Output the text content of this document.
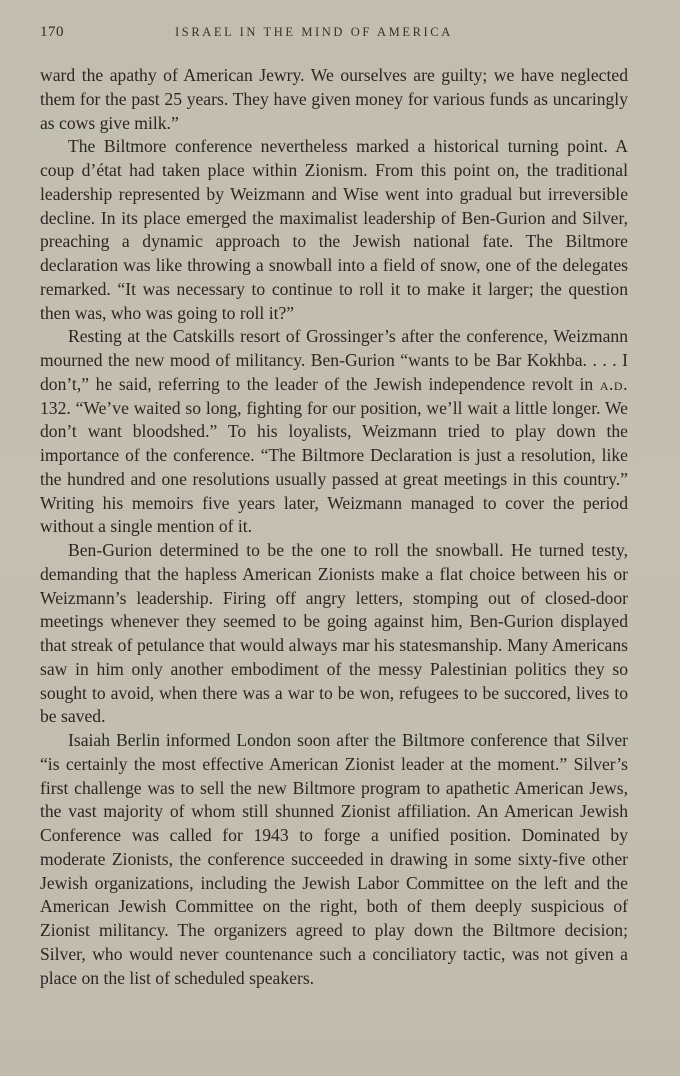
170	ISRAEL IN THE MIND OF AMERICA

ward the apathy of American Jewry. We ourselves are guilty; we have neglected them for the past 25 years. They have given money for various funds as uncaringly as cows give milk.”

The Biltmore conference nevertheless marked a historical turning point. A coup d’état had taken place within Zionism. From this point on, the traditional leadership represented by Weizmann and Wise went into gradual but irreversible decline. In its place emerged the maximalist leadership of Ben-Gurion and Silver, preaching a dynamic approach to the Jewish national fate. The Biltmore declaration was like throwing a snowball into a field of snow, one of the delegates remarked. “It was necessary to continue to roll it to make it larger; the question then was, who was going to roll it?”

Resting at the Catskills resort of Grossinger’s after the conference, Weizmann mourned the new mood of militancy. Ben-Gurion “wants to be Bar Kokhba. . . . I don’t,” he said, referring to the leader of the Jewish independence revolt in a.d. 132. “We’ve waited so long, fighting for our position, we’ll wait a little longer. We don’t want bloodshed.” To his loyalists, Weizmann tried to play down the importance of the conference. “The Biltmore Declaration is just a resolution, like the hundred and one resolutions usually passed at great meetings in this country.” Writing his memoirs five years later, Weizmann managed to cover the period without a single mention of it.

Ben-Gurion determined to be the one to roll the snowball. He turned testy, demanding that the hapless American Zionists make a flat choice between his or Weizmann’s leadership. Firing off angry letters, stomping out of closed-door meetings whenever they seemed to be going against him, Ben-Gurion displayed that streak of petulance that would always mar his statesmanship. Many Americans saw in him only another embodiment of the messy Palestinian politics they so sought to avoid, when there was a war to be won, refugees to be succored, lives to be saved.

Isaiah Berlin informed London soon after the Biltmore conference that Silver “is certainly the most effective American Zionist leader at the moment.” Silver’s first challenge was to sell the new Biltmore program to apathetic American Jews, the vast majority of whom still shunned Zionist affiliation. An American Jewish Conference was called for 1943 to forge a unified position. Dominated by moderate Zionists, the conference succeeded in drawing in some sixty-five other Jewish organizations, including the Jewish Labor Committee on the left and the American Jewish Committee on the right, both of them deeply suspicious of Zionist militancy. The organizers agreed to play down the Biltmore decision; Silver, who would never countenance such a conciliatory tactic, was not given a place on the list of scheduled speakers.
